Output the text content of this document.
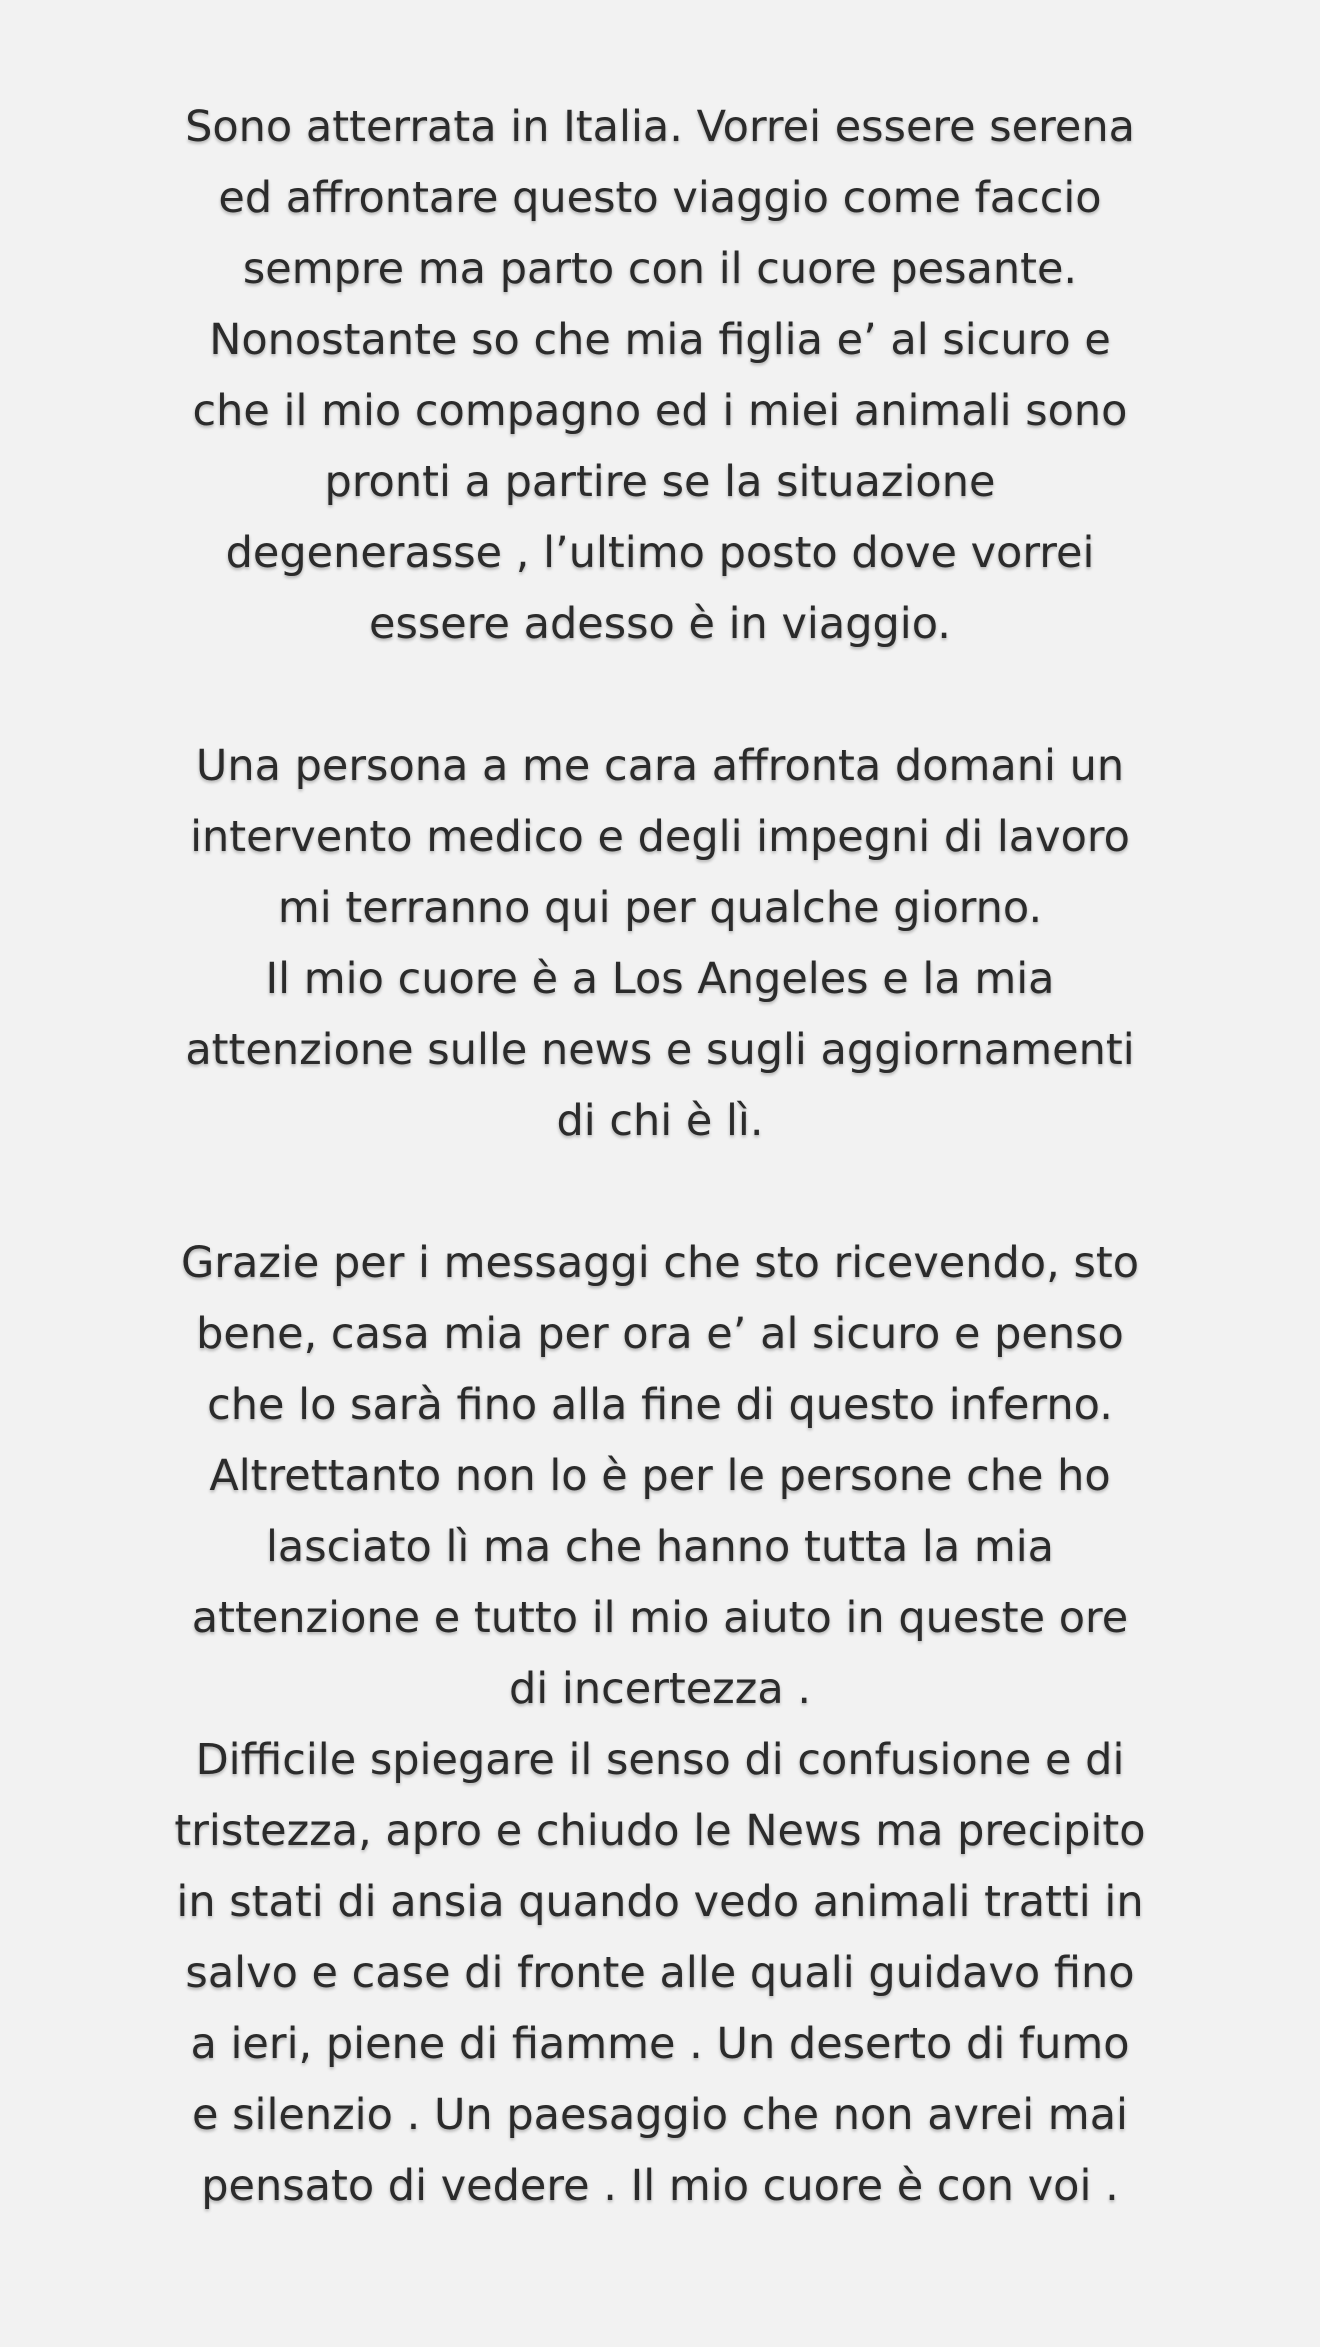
Sono atterrata in Italia. Vorrei essere serena
ed affrontare questo viaggio come faccio
sempre ma parto con il cuore pesante.
Nonostante so che mia figlia e’ al sicuro e
che il mio compagno ed i miei animali sono
pronti a partire se la situazione
degenerasse , l’ultimo posto dove vorrei
essere adesso è in viaggio.

Una persona a me cara affronta domani un
intervento medico e degli impegni di lavoro
mi terranno qui per qualche giorno.
Il mio cuore è a Los Angeles e la mia
attenzione sulle news e sugli aggiornamenti
di chi è lì.

Grazie per i messaggi che sto ricevendo, sto
bene, casa mia per ora e’ al sicuro e penso
che lo sarà fino alla fine di questo inferno.
Altrettanto non lo è per le persone che ho
lasciato lì ma che hanno tutta la mia
attenzione e tutto il mio aiuto in queste ore
di incertezza .
Difficile spiegare il senso di confusione e di
tristezza, apro e chiudo le News ma precipito
in stati di ansia quando vedo animali tratti in
salvo e case di fronte alle quali guidavo fino
a ieri, piene di fiamme . Un deserto di fumo
e silenzio . Un paesaggio che non avrei mai
pensato di vedere . Il mio cuore è con voi .
